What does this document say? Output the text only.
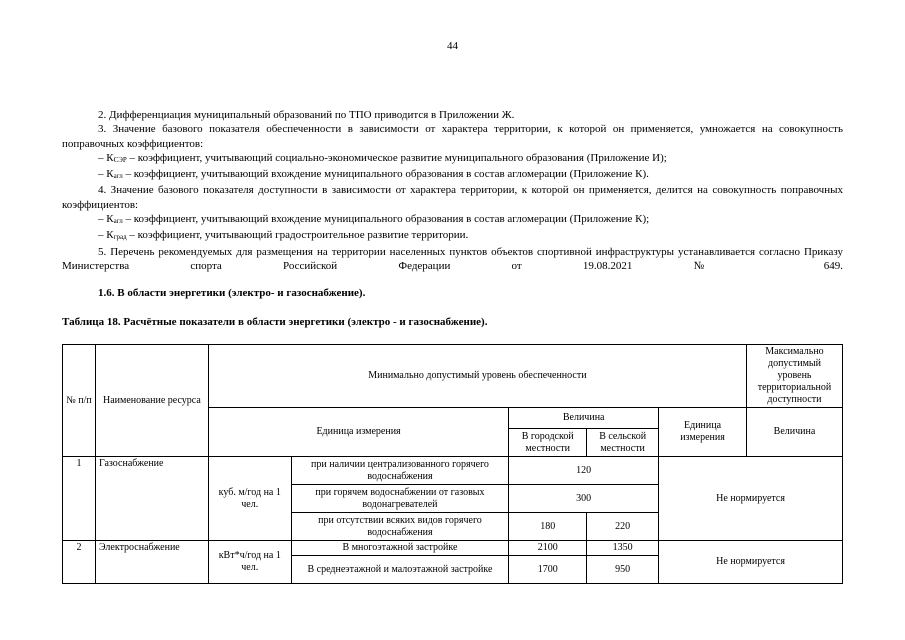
44

2. Дифференциация муниципальный образований по ТПО приводится в Приложении Ж.

3. Значение базового показателя обеспеченности в зависимости от характера территории, к которой он применяется, умножается на совокупность поправочных коэффициентов:

– $К_{СЭР}$ – коэффициент, учитывающий социально-экономическое развитие муниципального образования (Приложение И);

– $К_{агл}$ – коэффициент, учитывающий вхождение муниципального образования в состав агломерации (Приложение К).

4. Значение базового показателя доступности в зависимости от характера территории, к которой он применяется, делится на совокупность поправочных коэффициентов:

– $К_{агл}$ – коэффициент, учитывающий вхождение муниципального образования в состав агломерации (Приложение К);

– $К_{град}$ – коэффициент, учитывающий градостроительное развитие территории.

5. Перечень рекомендуемых для размещения на территории населенных пунктов объектов спортивной инфраструктуры устанавливается согласно Приказу Министерства спорта Российской Федерации от 19.08.2021 № 649.

1.6. В области энергетики (электро- и газоснабжение).
Таблица 18. Расчётные показатели в области энергетики (электро - и газоснабжение).
№ п/п	Наименование ресурса	Минимально допустимый уровень обеспеченности					Максимально допустимый уровень территориальной доступности
		Единица измерения		Величина		Единица измерения	Величина
				В городской местности	В сельской местности		
1	Газоснабжение	куб. м/год на 1 чел.	при наличии централизованного горячего водоснабжения	120		Не нормируется	
			при горячем водоснабжении от газовых водонагревателей	300			
			при отсутствии всяких видов горячего водоснабжения	180	220		
2	Электроснабжение	кВт*ч/год на 1 чел.	В многоэтажной застройке	2100	1350	Не нормируется	
			В среднеэтажной и малоэтажной застройке	1700	950		
